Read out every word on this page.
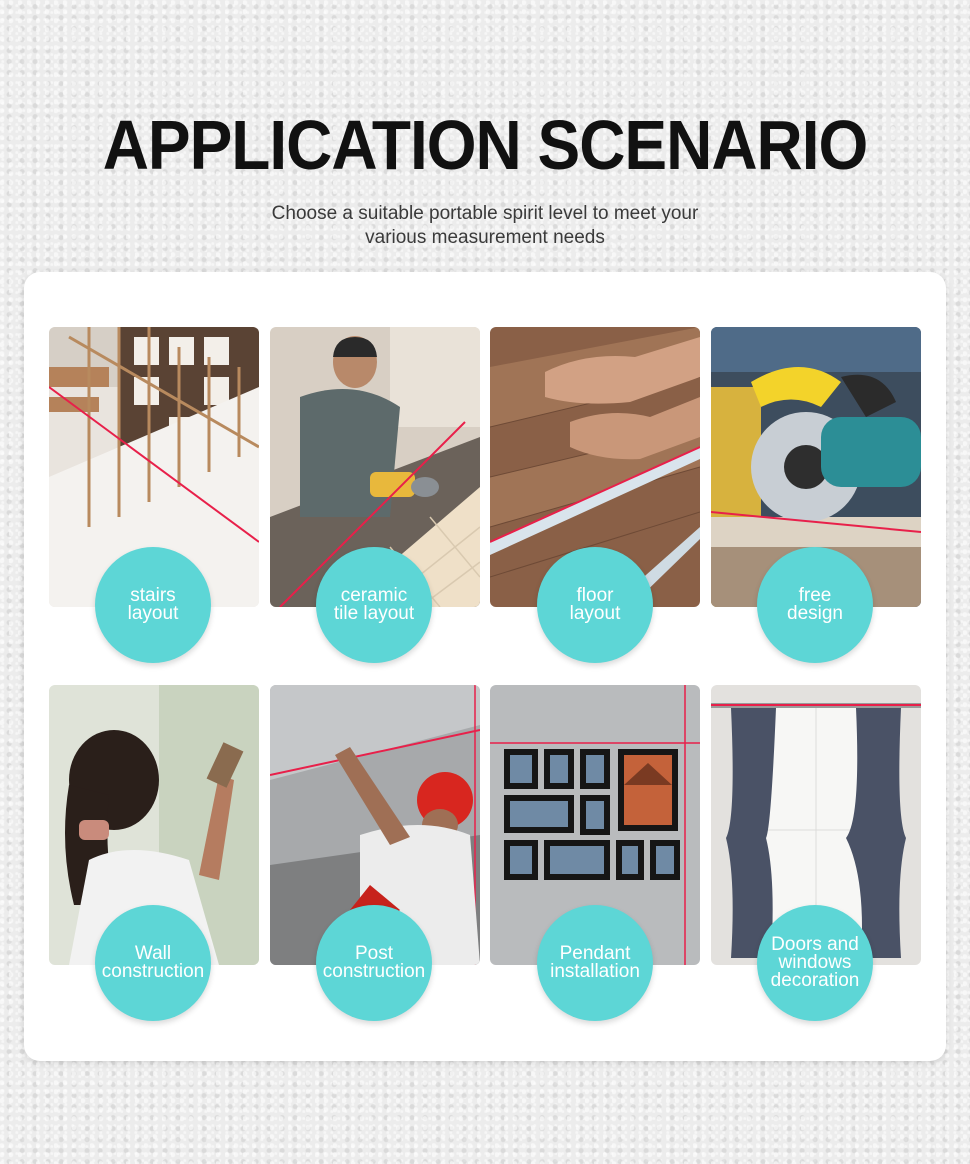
APPLICATION SCENARIO
Choose a suitable portable spirit level to meet your
various measurement needs
stairs
layout
ceramic
tile layout
floor
layout
free
design
Wall
construction
Post
construction
Pendant
installation
Doors and
windows
decoration
